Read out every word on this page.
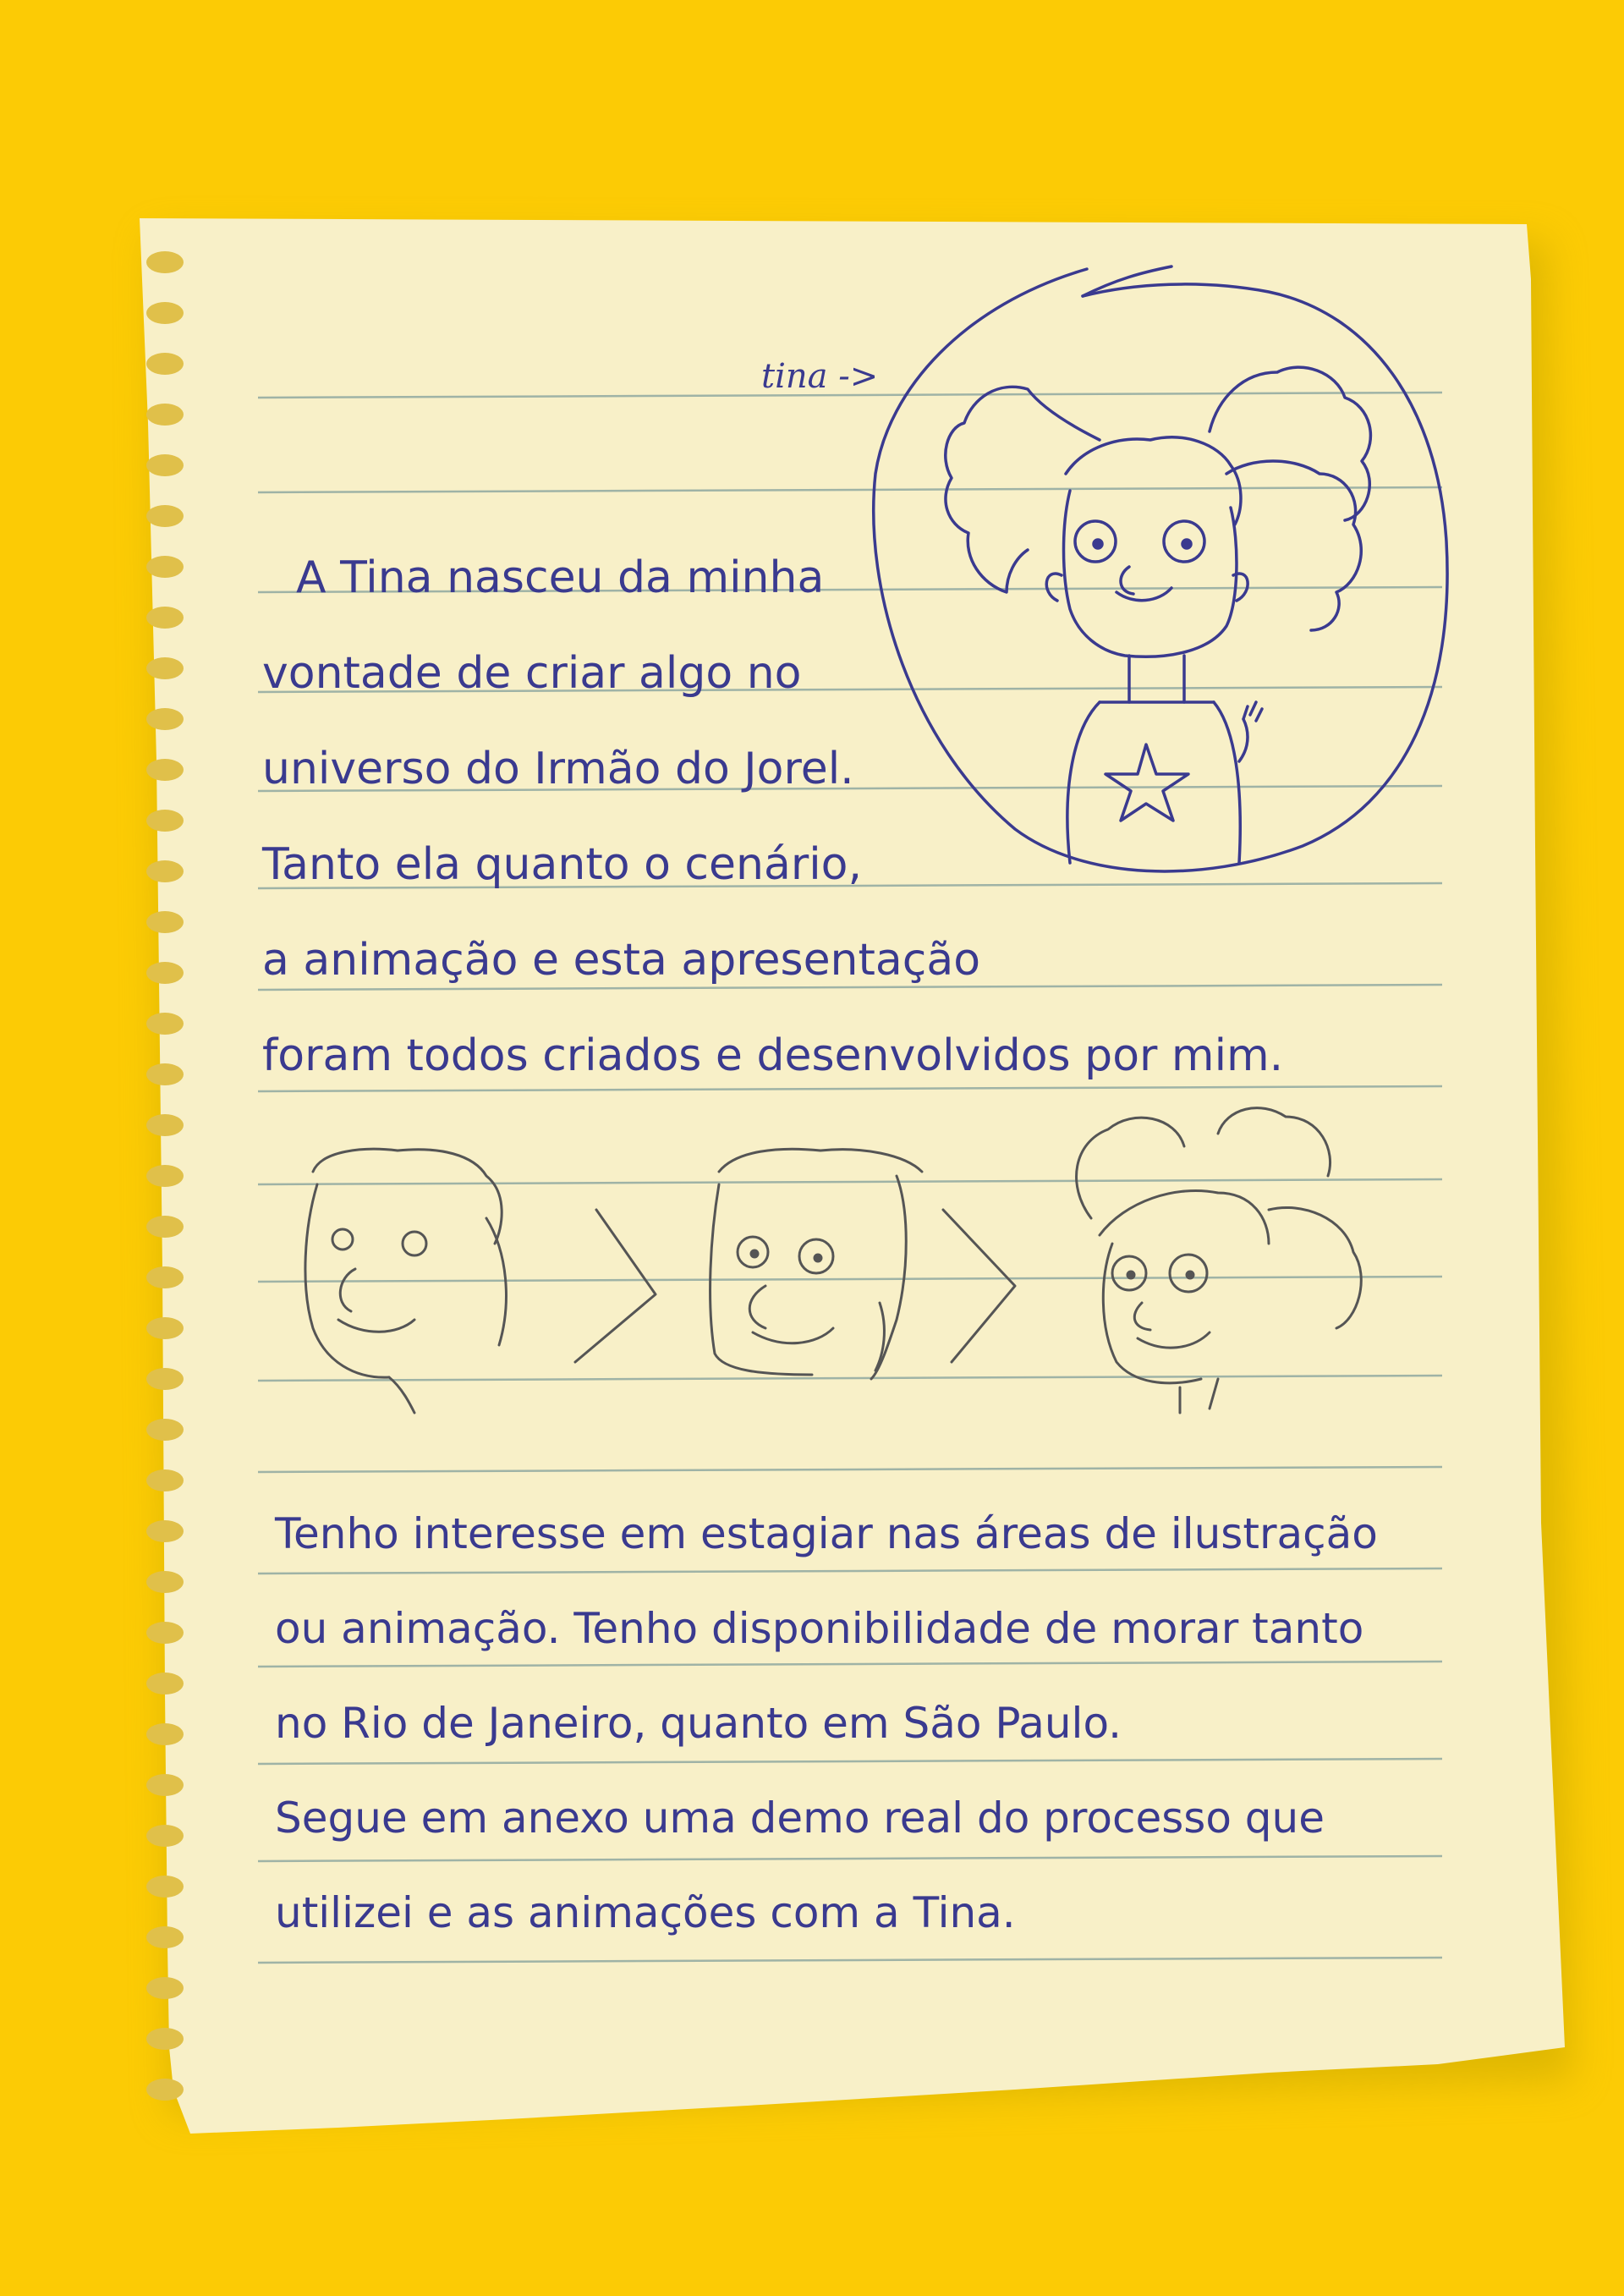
tina ->
A Tina nasceu da minha
vontade de criar algo no
universo do Irmão do Jorel.
Tanto ela quanto o cenário,
a animação e esta apresentação
foram todos criados e desenvolvidos por mim.
Tenho interesse em estagiar nas áreas de ilustração
ou animação. Tenho disponibilidade de morar tanto
no Rio de Janeiro, quanto em São Paulo.
Segue em anexo uma demo real do processo que
utilizei e as animações com a Tina.
